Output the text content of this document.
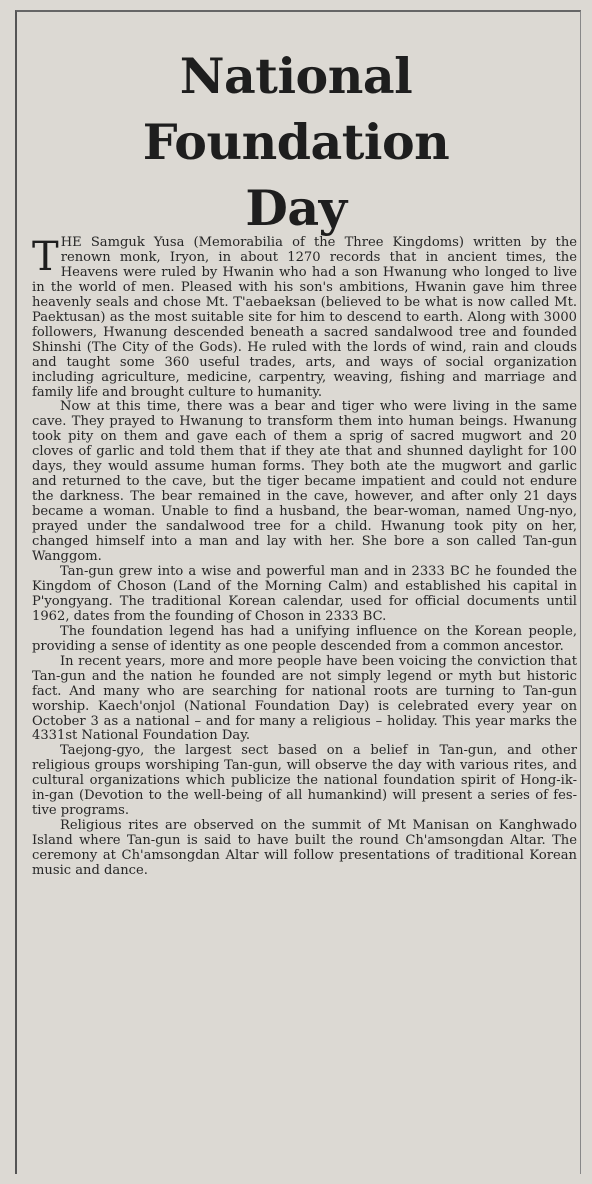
National
Foundation
Day

THE Samguk Yusa (Memorabilia of the Three Kingdoms) written by the renown monk, Iryon, in about 1270 records that in ancient times, the Heavens were ruled by Hwanin who had a son Hwanung who longed to live in the world of men. Pleased with his son's ambitions, Hwanin gave him three heavenly seals and chose Mt. T'aebaeksan (believed to be what is now called Mt. Paektusan) as the most suitable site for him to descend to earth. Along with 3000 followers, Hwanung descended beneath a sacred sandalwood tree and founded Shinshi (The City of the Gods). He ruled with the lords of wind, rain and clouds and taught some 360 useful trades, arts, and ways of social organization including agriculture, medicine, carpentry, weaving, fishing and marriage and family life and brought culture to humanity.

Now at this time, there was a bear and tiger who were living in the same cave. They prayed to Hwanung to transform them into human beings. Hwanung took pity on them and gave each of them a sprig of sacred mugwort and 20 cloves of garlic and told them that if they ate that and shunned daylight for 100 days, they would assume human forms. They both ate the mugwort and garlic and returned to the cave, but the tiger became impatient and could not endure the darkness. The bear remained in the cave, however, and after only 21 days became a woman. Unable to find a husband, the bear-woman, named Ung-nyo, prayed under the sandalwood tree for a child. Hwanung took pity on her, changed himself into a man and lay with her. She bore a son called Tan-gun Wanggom.

Tan-gun grew into a wise and powerful man and in 2333 BC he founded the Kingdom of Choson (Land of the Morning Calm) and established his capital in P'yongyang. The traditional Korean calendar, used for official documents until 1962, dates from the founding of Choson in 2333 BC.

The foundation legend has had a unifying influence on the Korean people, providing a sense of identity as one people descended from a common ancestor.

In recent years, more and more people have been voicing the conviction that Tan-gun and the nation he founded are not simply legend or myth but historic fact. And many who are searching for national roots are turning to Tan-gun worship. Kaech'onjol (National Foundation Day) is celebrated every year on October 3 as a national – and for many a religious – holiday. This year marks the 4331st National Foundation Day.

Taejong-gyo, the largest sect based on a belief in Tan-gun, and other religious groups worshiping Tan-gun, will observe the day with various rites, and cultural organizations which publicize the national foundation spirit of Hong-ik-in-gan (Devotion to the well-being of all humankind) will present a series of festive programs.

Religious rites are observed on the summit of Mt Manisan on Kanghwado Island where Tan-gun is said to have built the round Ch'amsongdan Altar. The ceremony at Ch'amsongdan Altar will follow presentations of traditional Korean music and dance.
